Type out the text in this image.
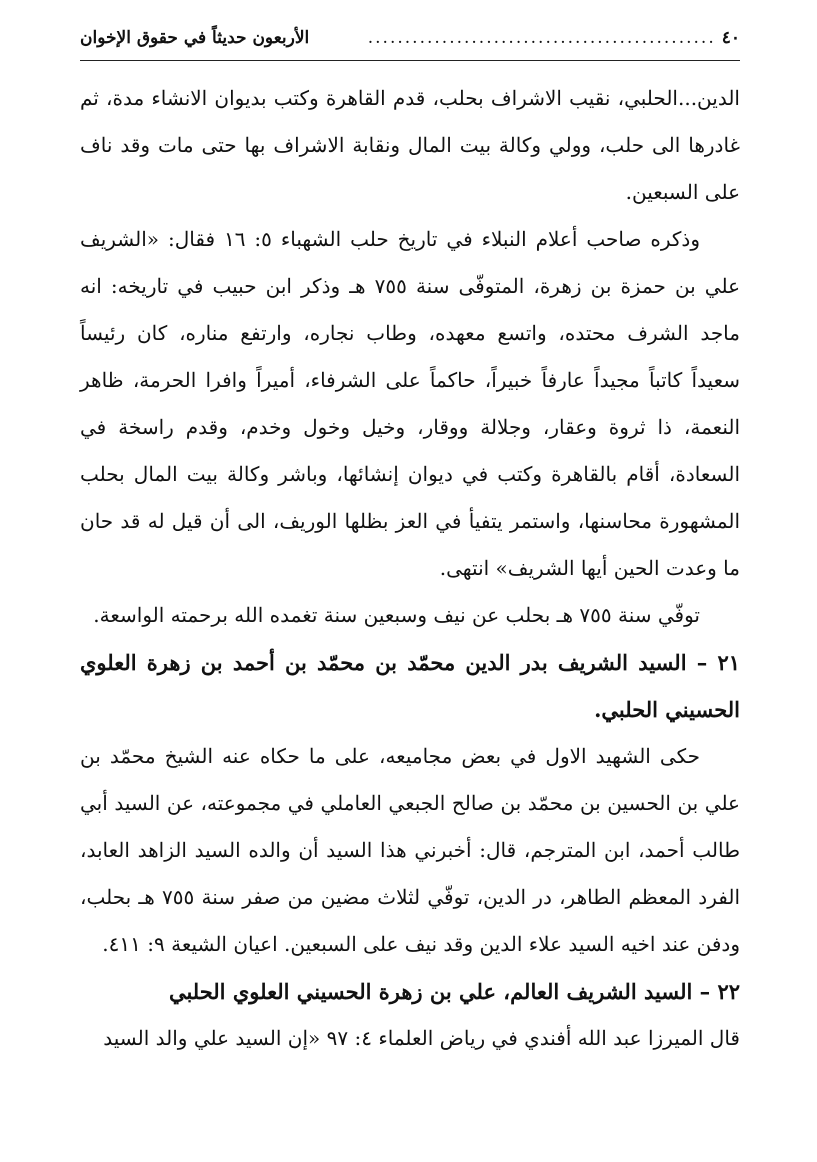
٤٠
...............................................
الأربعون حديثاً في حقوق الإخوان

الدين...الحلبي، نقيب الاشراف بحلب، قدم القاهرة وكتب بديوان الانشاء مدة، ثم غادرها الى حلب، وولي وكالة بيت المال ونقابة الاشراف بها حتى مات وقد ناف على السبعين.

وذكره صاحب أعلام النبلاء في تاريخ حلب الشهباء ٥: ١٦ فقال: «الشريف علي بن حمزة بن زهرة، المتوفّى سنة ٧٥٥ هـ وذكر ابن حبيب في تاريخه: انه ماجد الشرف محتده، واتسع معهده، وطاب نجاره، وارتفع مناره، كان رئيساً سعيداً كاتباً مجيداً عارفاً خبيراً، حاكماً على الشرفاء، أميراً وافرا الحرمة، ظاهر النعمة، ذا ثروة وعقار، وجلالة ووقار، وخيل وخول وخدم، وقدم راسخة في السعادة، أقام بالقاهرة وكتب في ديوان إنشائها، وباشر وكالة بيت المال بحلب المشهورة محاسنها، واستمر يتفيأ في العز بظلها الوريف، الى أن قيل له قد حان ما وعدت الحين أيها الشريف» انتهى.

توفّي سنة ٧٥٥ هـ بحلب عن نيف وسبعين سنة تغمده الله برحمته الواسعة.

٢١ – السيد الشريف بدر الدين محمّد بن محمّد بن أحمد بن زهرة العلوي الحسيني الحلبي.

حكى الشهيد الاول في بعض مجاميعه، على ما حكاه عنه الشيخ محمّد بن علي بن الحسين بن محمّد بن صالح الجبعي العاملي في مجموعته، عن السيد أبي طالب أحمد، ابن المترجم، قال: أخبرني هذا السيد أن والده السيد الزاهد العابد، الفرد المعظم الطاهر، در الدين، توفّي لثلاث مضين من صفر سنة ٧٥٥ هـ بحلب، ودفن عند اخيه السيد علاء الدين وقد نيف على السبعين. اعيان الشيعة ٩: ٤١١.

٢٢ – السيد الشريف العالم، علي بن زهرة الحسيني العلوي الحلبي

قال الميرزا عبد الله أفندي في رياض العلماء ٤: ٩٧ «إن السيد علي والد السيد
